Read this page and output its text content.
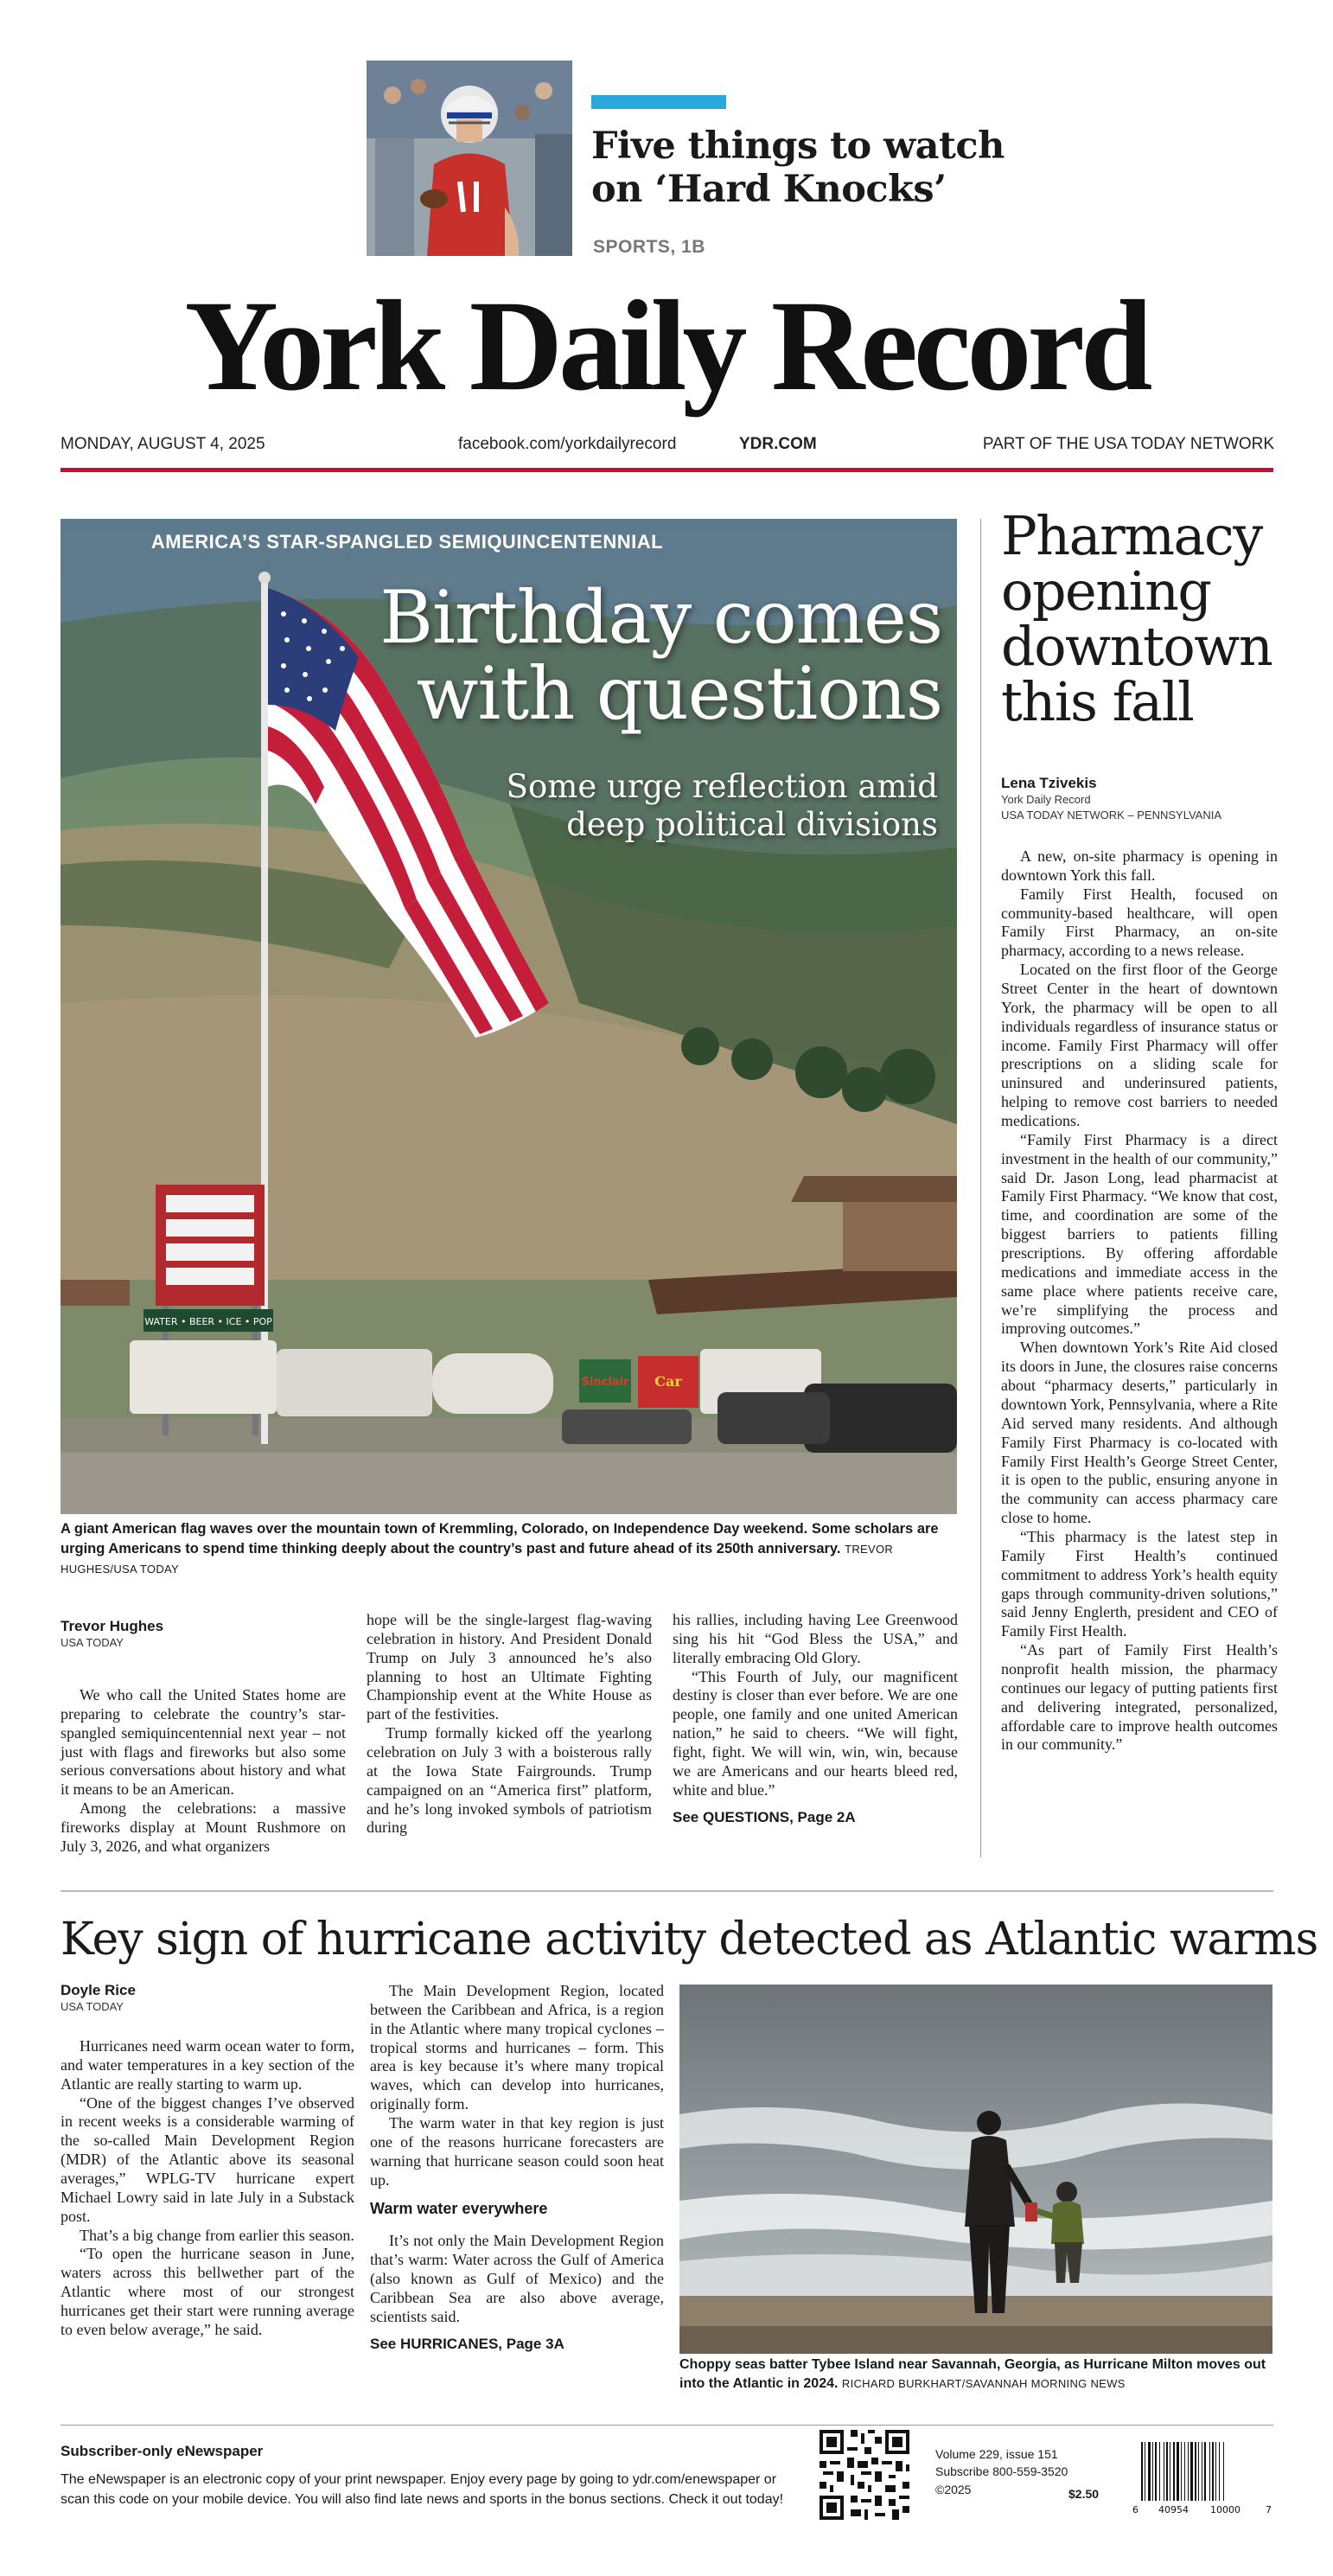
Five things to watch on ‘Hard Knocks’
SPORTS, 1B
York Daily Record
MONDAY, AUGUST 4, 2025	facebook.com/yorkdailyrecord	YDR.COM	PART OF THE USA TODAY NETWORK
WATER • BEER • ICE • POP
Sinclair Car
AMERICA’S STAR-SPANGLED SEMIQUINCENTENNIAL
Birthday comes with questions
Some urge reflection amid deep political divisions
A giant American flag waves over the mountain town of Kremmling, Colorado, on Independence Day weekend. Some scholars are urging Americans to spend time thinking deeply about the country’s past and future ahead of its 250th anniversary. TREVOR HUGHES/USA TODAY
Trevor Hughes
USA TODAY

We who call the United States home are preparing to celebrate the country’s star-spangled semiquincentennial next year – not just with flags and fireworks but also some serious conversations about history and what it means to be an American.

Among the celebrations: a massive fireworks display at Mount Rushmore on July 3, 2026, and what organizers

hope will be the single-largest flag-waving celebration in history. And President Donald Trump on July 3 announced he’s also planning to host an Ultimate Fighting Championship event at the White House as part of the festivities.

Trump formally kicked off the yearlong celebration on July 3 with a boisterous rally at the Iowa State Fairgrounds. Trump campaigned on an “America first” platform, and he’s long invoked symbols of patriotism during

his rallies, including having Lee Greenwood sing his hit “God Bless the USA,” and literally embracing Old Glory.

“This Fourth of July, our magnificent destiny is closer than ever before. We are one people, one family and one united American nation,” he said to cheers. “We will fight, fight, fight. We will win, win, win, because we are Americans and our hearts bleed red, white and blue.”

See QUESTIONS, Page 2A

Pharmacy opening downtown this fall
Lena Tzivekis
York Daily Record
USA TODAY NETWORK – PENNSYLVANIA

A new, on-site pharmacy is opening in downtown York this fall.

Family First Health, focused on community-based healthcare, will open Family First Pharmacy, an on-site pharmacy, according to a news release.

Located on the first floor of the George Street Center in the heart of downtown York, the pharmacy will be open to all individuals regardless of insurance status or income. Family First Pharmacy will offer prescriptions on a sliding scale for uninsured and underinsured patients, helping to remove cost barriers to needed medications.

“Family First Pharmacy is a direct investment in the health of our community,” said Dr. Jason Long, lead pharmacist at Family First Pharmacy. “We know that cost, time, and coordination are some of the biggest barriers to patients filling prescriptions. By offering affordable medications and immediate access in the same place where patients receive care, we’re simplifying the process and improving outcomes.”

When downtown York’s Rite Aid closed its doors in June, the closures raise concerns about “pharmacy deserts,” particularly in downtown York, Pennsylvania, where a Rite Aid served many residents. And although Family First Pharmacy is co-located with Family First Health’s George Street Center, it is open to the public, ensuring anyone in the community can access pharmacy care close to home.

“This pharmacy is the latest step in Family First Health’s continued commitment to address York’s health equity gaps through community-driven solutions,” said Jenny Englerth, president and CEO of Family First Health.

“As part of Family First Health’s nonprofit health mission, the pharmacy continues our legacy of putting patients first and delivering integrated, personalized, affordable care to improve health outcomes in our community.”

Key sign of hurricane activity detected as Atlantic warms
Doyle Rice
USA TODAY

Hurricanes need warm ocean water to form, and water temperatures in a key section of the Atlantic are really starting to warm up.

“One of the biggest changes I’ve observed in recent weeks is a considerable warming of the so-called Main Development Region (MDR) of the Atlantic above its seasonal averages,” WPLG-TV hurricane expert Michael Lowry said in late July in a Substack post.

That’s a big change from earlier this season.

“To open the hurricane season in June, waters across this bellwether part of the Atlantic where most of our strongest hurricanes get their start were running average to even below average,” he said.

The Main Development Region, located between the Caribbean and Africa, is a region in the Atlantic where many tropical cyclones – tropical storms and hurricanes – form. This area is key because it’s where many tropical waves, which can develop into hurricanes, originally form.

The warm water in that key region is just one of the reasons hurricane forecasters are warning that hurricane season could soon heat up.

Warm water everywhere

It’s not only the Main Development Region that’s warm: Water across the Gulf of America (also known as Gulf of Mexico) and the Caribbean Sea are also above average, scientists said.

See HURRICANES, Page 3A

Choppy seas batter Tybee Island near Savannah, Georgia, as Hurricane Milton moves out into the Atlantic in 2024. RICHARD BURKHART/SAVANNAH MORNING NEWS
Subscriber-only eNewspaper
The eNewspaper is an electronic copy of your print newspaper. Enjoy every page by going to ydr.com/enewspaper or scan this code on your mobile device. You will also find late news and sports in the bonus sections. Check it out today!
Volume 229, issue 151
Subscribe 800-559-3520
©2025	$2.50
6 40954 10000	7
